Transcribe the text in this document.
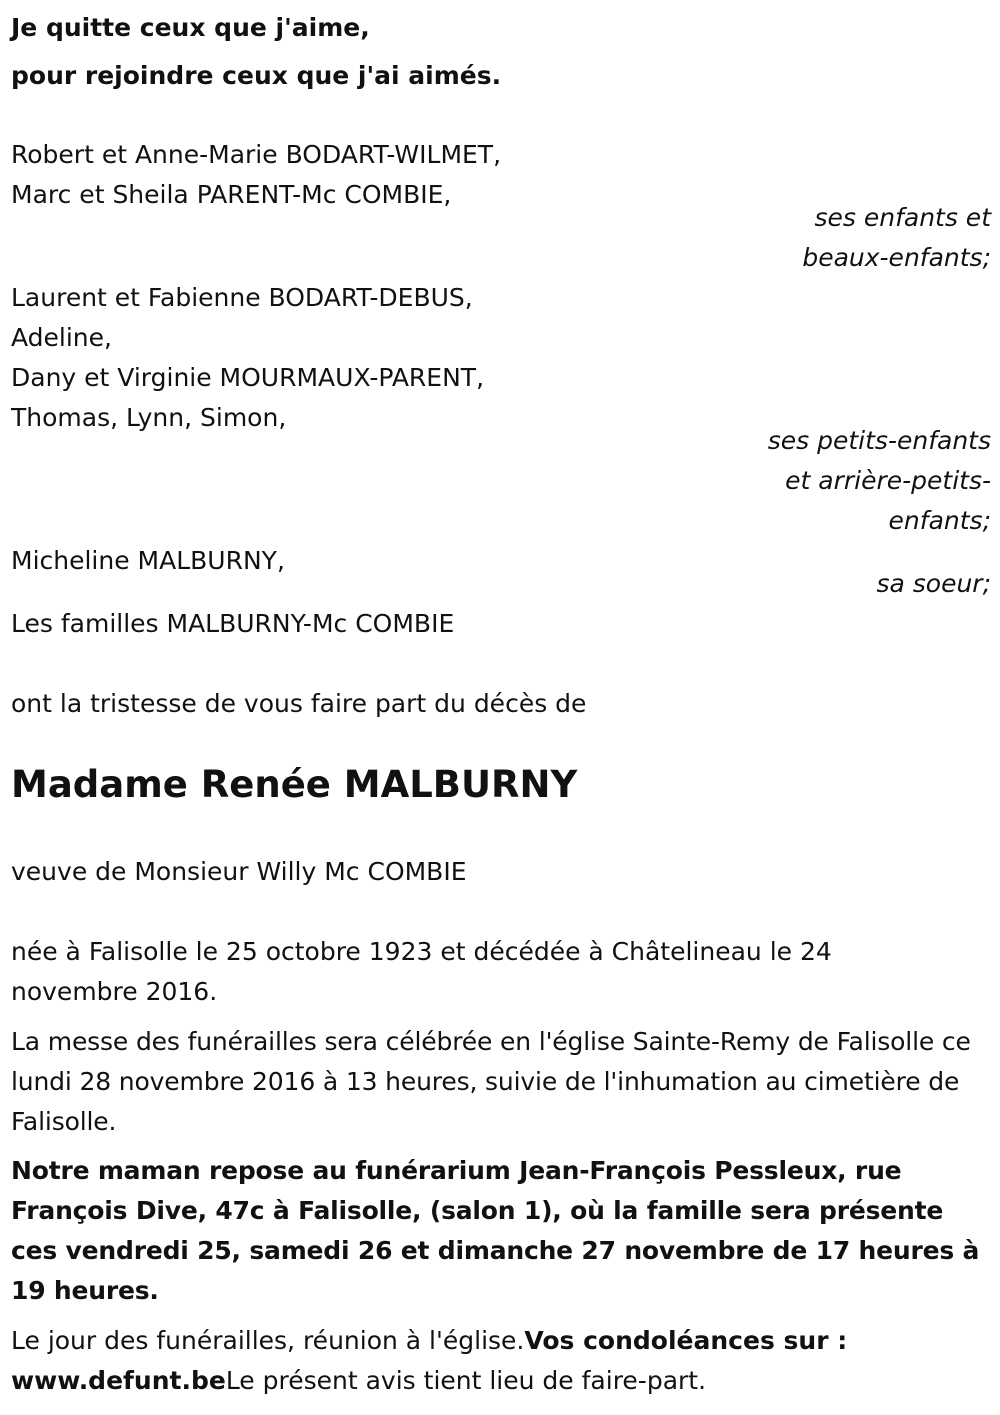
Je quitte ceux que j'aime,
pour rejoindre ceux que j'ai aimés.
Robert et Anne-Marie BODART-WILMET,
Marc et Sheila PARENT-Mc COMBIE,
ses enfants et
beaux-enfants;
Laurent et Fabienne BODART-DEBUS,
Adeline,
Dany et Virginie MOURMAUX-PARENT,
Thomas, Lynn, Simon,
ses petits-enfants
et arrière-petits-
enfants;
Micheline MALBURNY,
sa soeur;
Les familles MALBURNY-Mc COMBIE
ont la tristesse de vous faire part du décès de
Madame Renée MALBURNY
veuve de Monsieur Willy Mc COMBIE
née à Falisolle le 25 octobre 1923 et décédée à Châtelineau le 24 novembre 2016.
La messe des funérailles sera célébrée en l'église Sainte-Remy de Falisolle ce lundi 28 novembre 2016 à 13 heures, suivie de l'inhumation au cimetière de Falisolle.
Notre maman repose au funérarium Jean-François Pessleux, rue François Dive, 47c à Falisolle, (salon 1), où la famille sera présente ces vendredi 25, samedi 26 et dimanche 27 novembre de 17 heures à 19 heures.
Le jour des funérailles, réunion à l'église.Vos condoléances sur : www.defunt.beLe présent avis tient lieu de faire-part.
